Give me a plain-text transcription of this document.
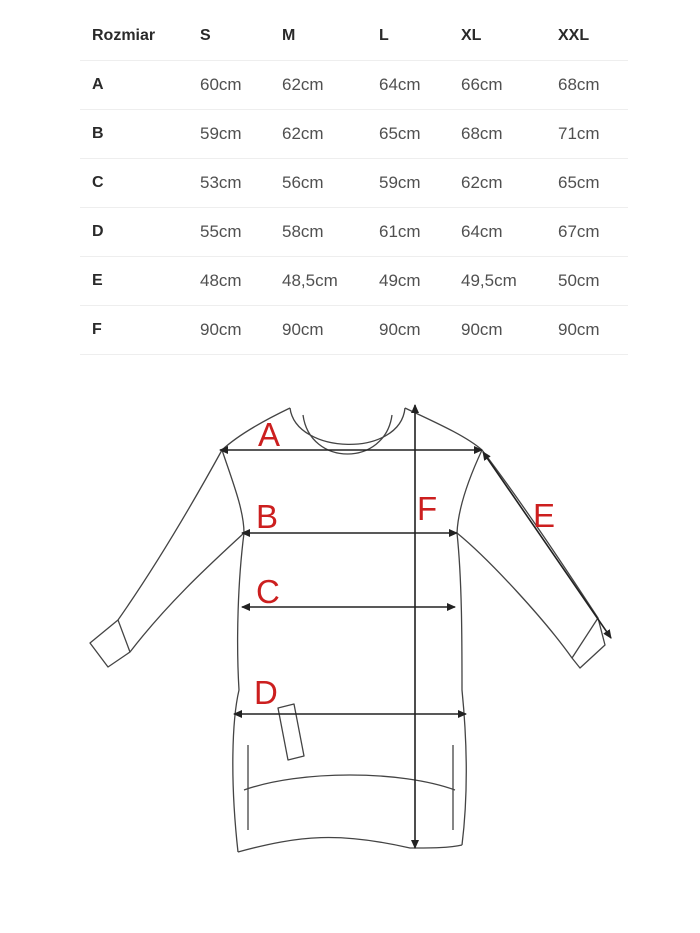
Rozmiar	S	M	L	XL	XXL
A	60cm	62cm	64cm	66cm	68cm
B	59cm	62cm	65cm	68cm	71cm
C	53cm	56cm	59cm	62cm	65cm
D	55cm	58cm	61cm	64cm	67cm
E	48cm	48,5cm	49cm	49,5cm	50cm
F	90cm	90cm	90cm	90cm	90cm
A
B
C
D
E
F
